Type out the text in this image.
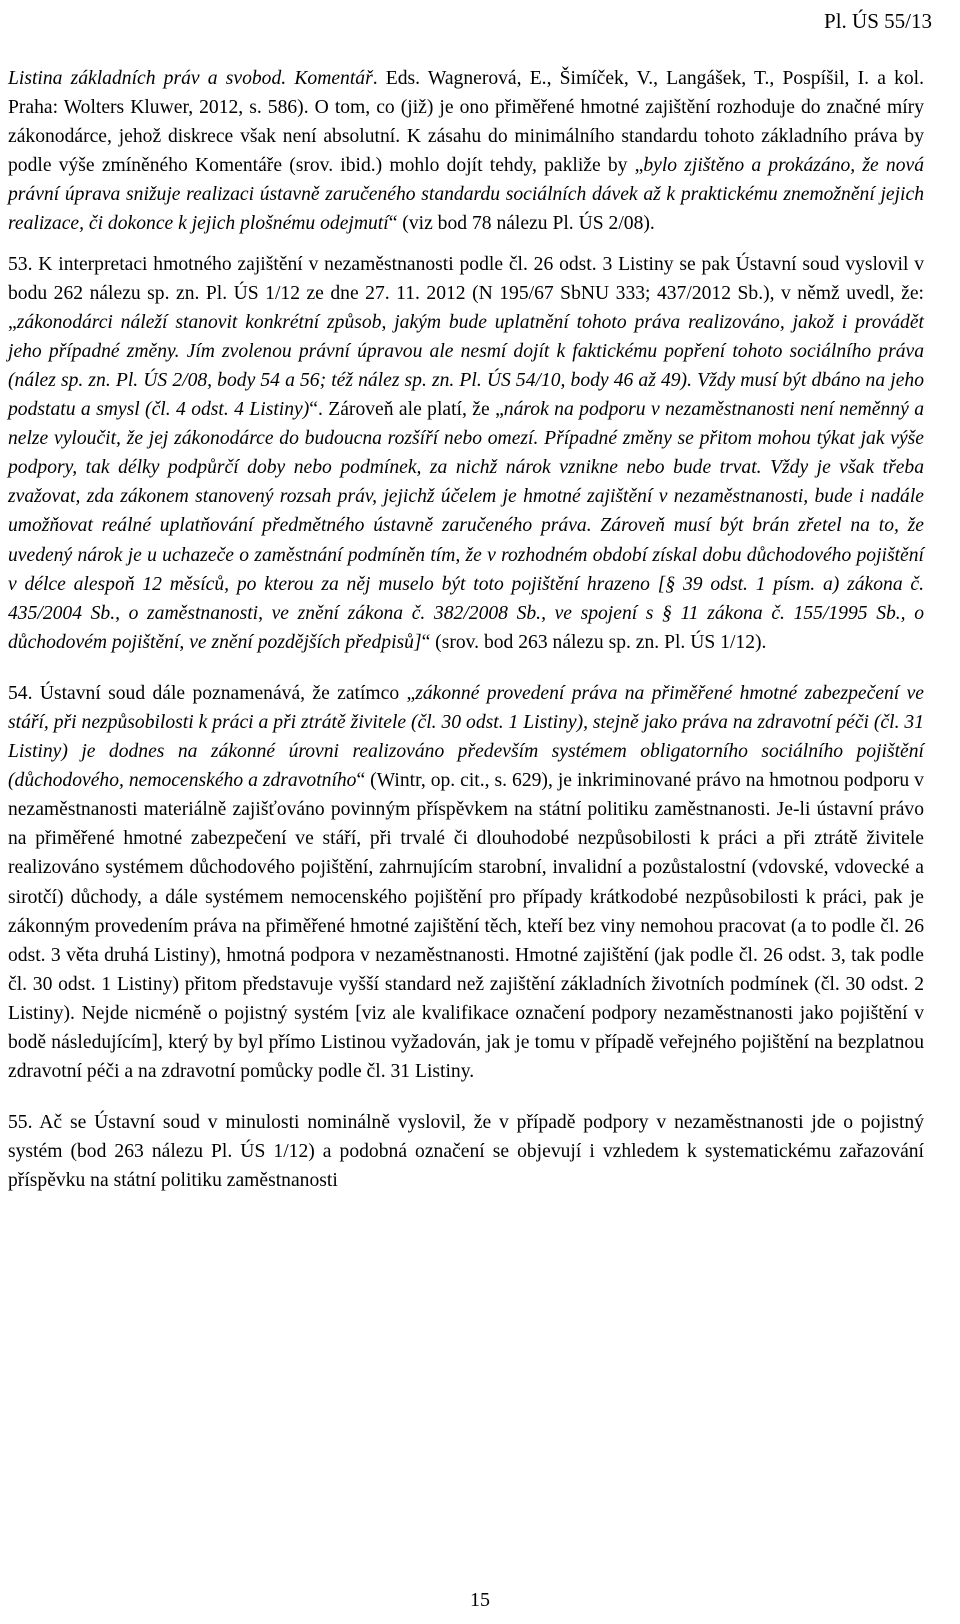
Pl. ÚS 55/13

Listina základních práv a svobod. Komentář. Eds. Wagnerová, E., Šimíček, V., Langášek, T., Pospíšil, I. a kol. Praha: Wolters Kluwer, 2012, s. 586). O tom, co (již) je ono přiměřené hmotné zajištění rozhoduje do značné míry zákonodárce, jehož diskrece však není absolutní. K zásahu do minimálního standardu tohoto základního práva by podle výše zmíněného Komentáře (srov. ibid.) mohlo dojít tehdy, pakliže by „bylo zjištěno a prokázáno, že nová právní úprava snižuje realizaci ústavně zaručeného standardu sociálních dávek až k praktickému znemožnění jejich realizace, či dokonce k jejich plošnému odejmutí“ (viz bod 78 nálezu Pl. ÚS 2/08).

53. K interpretaci hmotného zajištění v nezaměstnanosti podle čl. 26 odst. 3 Listiny se pak Ústavní soud vyslovil v bodu 262 nálezu sp. zn. Pl. ÚS 1/12 ze dne 27. 11. 2012 (N 195/67 SbNU 333; 437/2012 Sb.), v němž uvedl, že: „zákonodárci náleží stanovit konkrétní způsob, jakým bude uplatnění tohoto práva realizováno, jakož i provádět jeho případné změny. Jím zvolenou právní úpravou ale nesmí dojít k faktickému popření tohoto sociálního práva (nález sp. zn. Pl. ÚS 2/08, body 54 a 56; též nález sp. zn. Pl. ÚS 54/10, body 46 až 49). Vždy musí být dbáno na jeho podstatu a smysl (čl. 4 odst. 4 Listiny)“. Zároveň ale platí, že „nárok na podporu v nezaměstnanosti není neměnný a nelze vyloučit, že jej zákonodárce do budoucna rozšíří nebo omezí. Případné změny se přitom mohou týkat jak výše podpory, tak délky podpůrčí doby nebo podmínek, za nichž nárok vznikne nebo bude trvat. Vždy je však třeba zvažovat, zda zákonem stanovený rozsah práv, jejichž účelem je hmotné zajištění v nezaměstnanosti, bude i nadále umožňovat reálné uplatňování předmětného ústavně zaručeného práva. Zároveň musí být brán zřetel na to, že uvedený nárok je u uchazeče o zaměstnání podmíněn tím, že v rozhodném období získal dobu důchodového pojištění v délce alespoň 12 měsíců, po kterou za něj muselo být toto pojištění hrazeno [§ 39 odst. 1 písm. a) zákona č. 435/2004 Sb., o zaměstnanosti, ve znění zákona č. 382/2008 Sb., ve spojení s § 11 zákona č. 155/1995 Sb., o důchodovém pojištění, ve znění pozdějších předpisů]“ (srov. bod 263 nálezu sp. zn. Pl. ÚS 1/12).

54. Ústavní soud dále poznamenává, že zatímco „zákonné provedení práva na přiměřené hmotné zabezpečení ve stáří, při nezpůsobilosti k práci a při ztrátě živitele (čl. 30 odst. 1 Listiny), stejně jako práva na zdravotní péči (čl. 31 Listiny) je dodnes na zákonné úrovni realizováno především systémem obligatorního sociálního pojištění (důchodového, nemocenského a zdravotního“ (Wintr, op. cit., s. 629), je inkriminované právo na hmotnou podporu v nezaměstnanosti materiálně zajišťováno povinným příspěvkem na státní politiku zaměstnanosti. Je-li ústavní právo na přiměřené hmotné zabezpečení ve stáří, při trvalé či dlouhodobé nezpůsobilosti k práci a při ztrátě živitele realizováno systémem důchodového pojištění, zahrnujícím starobní, invalidní a pozůstalostní (vdovské, vdovecké a sirotčí) důchody, a dále systémem nemocenského pojištění pro případy krátkodobé nezpůsobilosti k práci, pak je zákonným provedením práva na přiměřené hmotné zajištění těch, kteří bez viny nemohou pracovat (a to podle čl. 26 odst. 3 věta druhá Listiny), hmotná podpora v nezaměstnanosti. Hmotné zajištění (jak podle čl. 26 odst. 3, tak podle čl. 30 odst. 1 Listiny) přitom představuje vyšší standard než zajištění základních životních podmínek (čl. 30 odst. 2 Listiny). Nejde nicméně o pojistný systém [viz ale kvalifikace označení podpory nezaměstnanosti jako pojištění v bodě následujícím], který by byl přímo Listinou vyžadován, jak je tomu v případě veřejného pojištění na bezplatnou zdravotní péči a na zdravotní pomůcky podle čl. 31 Listiny.

55. Ač se Ústavní soud v minulosti nominálně vyslovil, že v případě podpory v nezaměstnanosti jde o pojistný systém (bod 263 nálezu Pl. ÚS 1/12) a podobná označení se objevují i vzhledem k systematickému zařazování příspěvku na státní politiku zaměstnanosti

15
